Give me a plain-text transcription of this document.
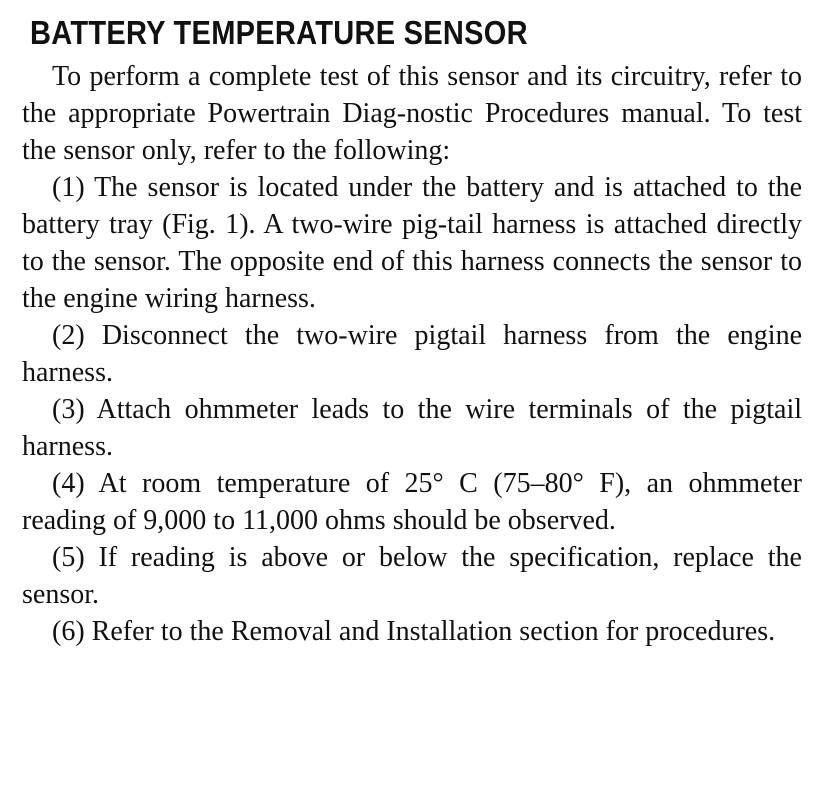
BATTERY TEMPERATURE SENSOR

To perform a complete test of this sensor and its circuitry, refer to the appropriate Powertrain Diag-nostic Procedures manual. To test the sensor only, refer to the following:

(1) The sensor is located under the battery and is attached to the battery tray (Fig. 1). A two-wire pig-tail harness is attached directly to the sensor. The opposite end of this harness connects the sensor to the engine wiring harness.

(2) Disconnect the two-wire pigtail harness from the engine harness.

(3) Attach ohmmeter leads to the wire terminals of the pigtail harness.

(4) At room temperature of 25° C (75–80° F), an ohmmeter reading of 9,000 to 11,000 ohms should be observed.

(5) If reading is above or below the specification, replace the sensor.

(6) Refer to the Removal and Installation section for procedures.
